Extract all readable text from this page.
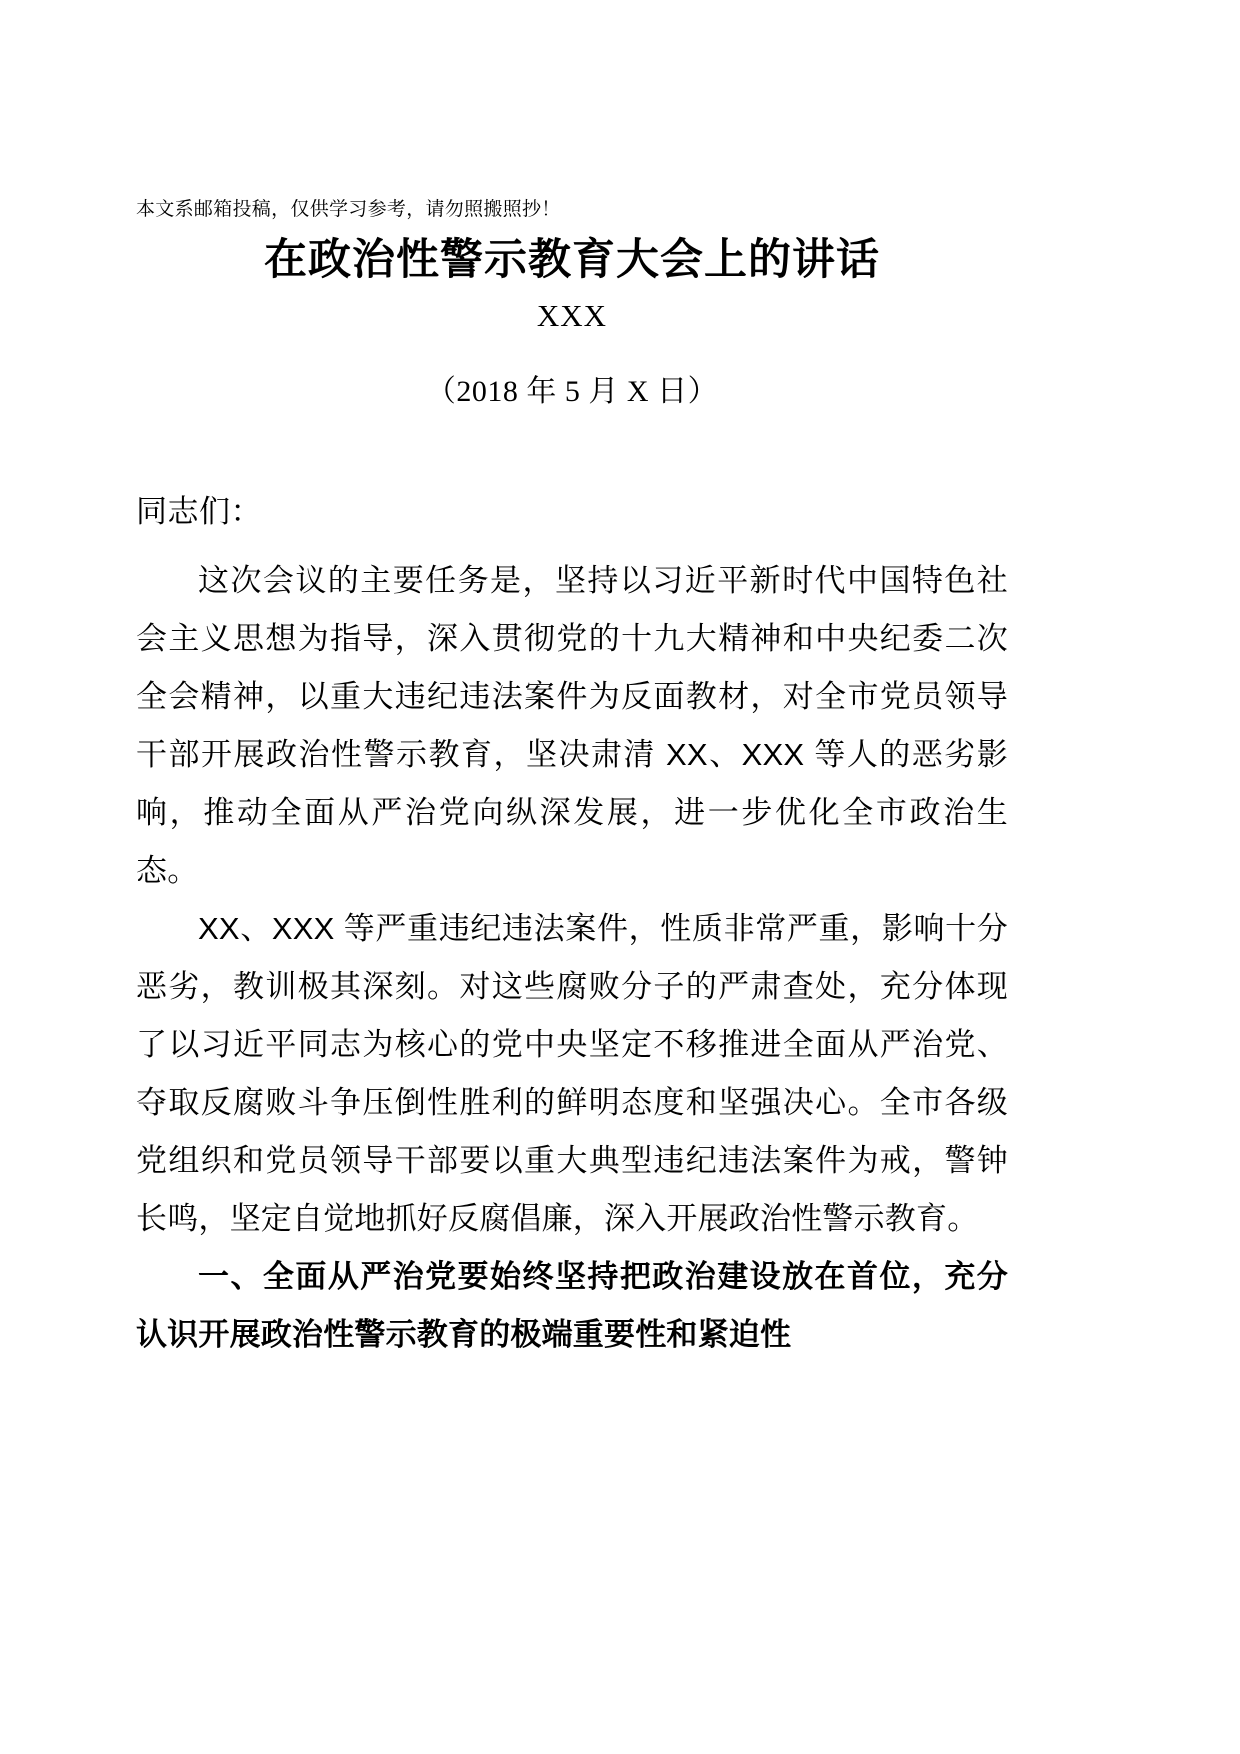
本文系邮箱投稿，仅供学习参考，请勿照搬照抄！
在政治性警示教育大会上的讲话
XXX
（2018 年 5 月 X 日）
同志们：

这次会议的主要任务是，坚持以习近平新时代中国特色社会主义思想为指导，深入贯彻党的十九大精神和中央纪委二次全会精神，以重大违纪违法案件为反面教材，对全市党员领导干部开展政治性警示教育，坚决肃清 XX、XXX 等人的恶劣影响，推动全面从严治党向纵深发展，进一步优化全市政治生态。

XX、XXX 等严重违纪违法案件，性质非常严重，影响十分恶劣，教训极其深刻。对这些腐败分子的严肃查处，充分体现了以习近平同志为核心的党中央坚定不移推进全面从严治党、夺取反腐败斗争压倒性胜利的鲜明态度和坚强决心。全市各级党组织和党员领导干部要以重大典型违纪违法案件为戒，警钟长鸣，坚定自觉地抓好反腐倡廉，深入开展政治性警示教育。

一、全面从严治党要始终坚持把政治建设放在首位，充分认识开展政治性警示教育的极端重要性和紧迫性
